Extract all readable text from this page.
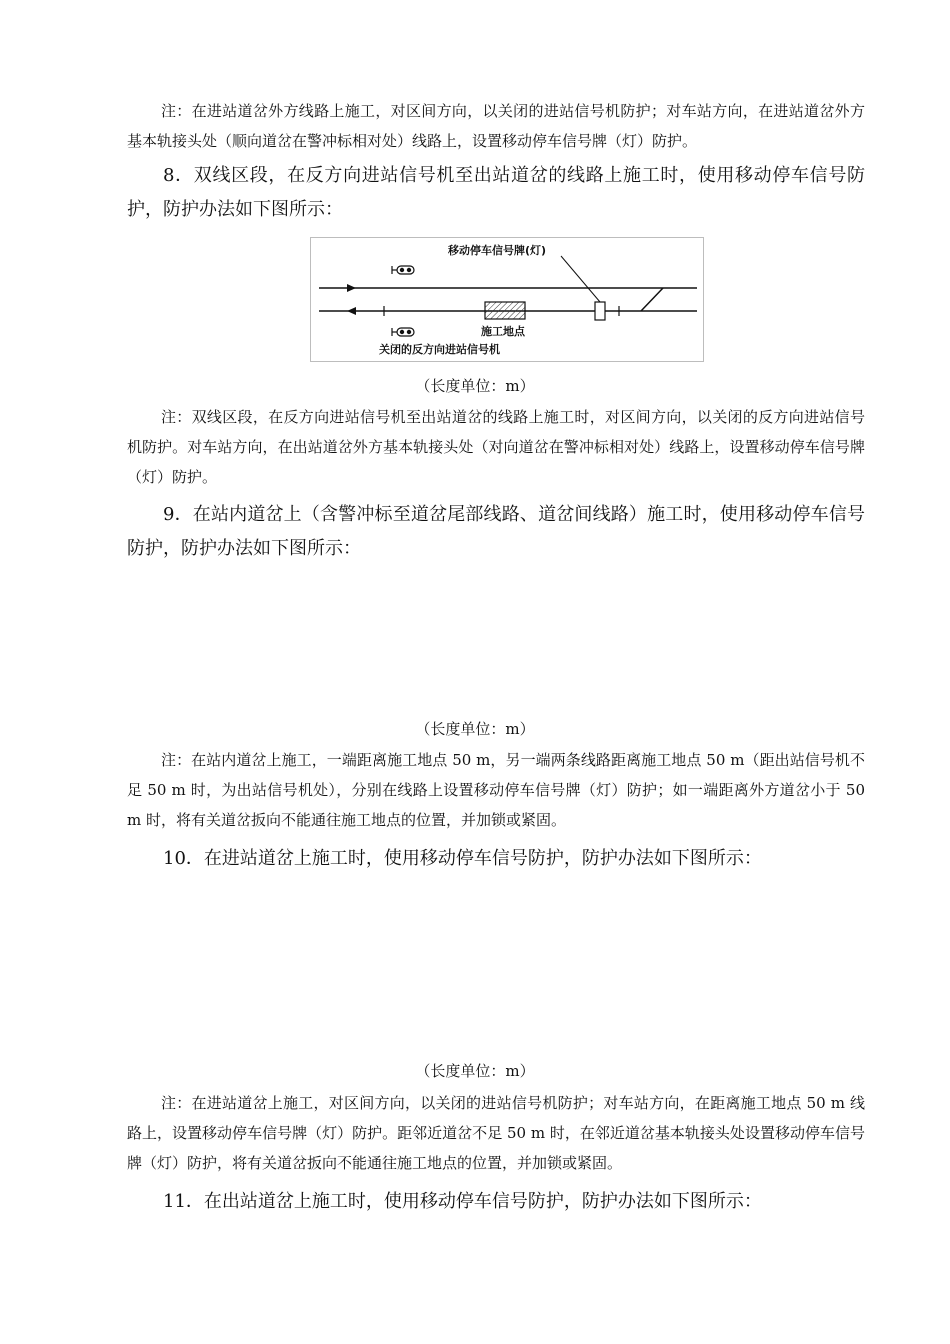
注：在进站道岔外方线路上施工，对区间方向，以关闭的进站信号机防护；对车站方向，在进站道岔外方基本轨接头处（顺向道岔在警冲标相对处）线路上，设置移动停车信号牌（灯）防护。
8．双线区段，在反方向进站信号机至出站道岔的线路上施工时，使用移动停车信号防护，防护办法如下图所示：
移动停车信号牌(灯)
施工地点
关闭的反方向进站信号机
（长度单位：m）
注：双线区段，在反方向进站信号机至出站道岔的线路上施工时，对区间方向，以关闭的反方向进站信号机防护。对车站方向，在出站道岔外方基本轨接头处（对向道岔在警冲标相对处）线路上，设置移动停车信号牌（灯）防护。
9．在站内道岔上（含警冲标至道岔尾部线路、道岔间线路）施工时，使用移动停车信号防护，防护办法如下图所示：
（长度单位：m）
注：在站内道岔上施工，一端距离施工地点 50 m，另一端两条线路距离施工地点 50 m（距出站信号机不足 50 m 时，为出站信号机处），分别在线路上设置移动停车信号牌（灯）防护；如一端距离外方道岔小于 50 m 时，将有关道岔扳向不能通往施工地点的位置，并加锁或紧固。
10．在进站道岔上施工时，使用移动停车信号防护，防护办法如下图所示：
（长度单位：m）
注：在进站道岔上施工，对区间方向，以关闭的进站信号机防护；对车站方向，在距离施工地点 50 m 线路上，设置移动停车信号牌（灯）防护。距邻近道岔不足 50 m 时，在邻近道岔基本轨接头处设置移动停车信号牌（灯）防护，将有关道岔扳向不能通往施工地点的位置，并加锁或紧固。
11．在出站道岔上施工时，使用移动停车信号防护，防护办法如下图所示：
